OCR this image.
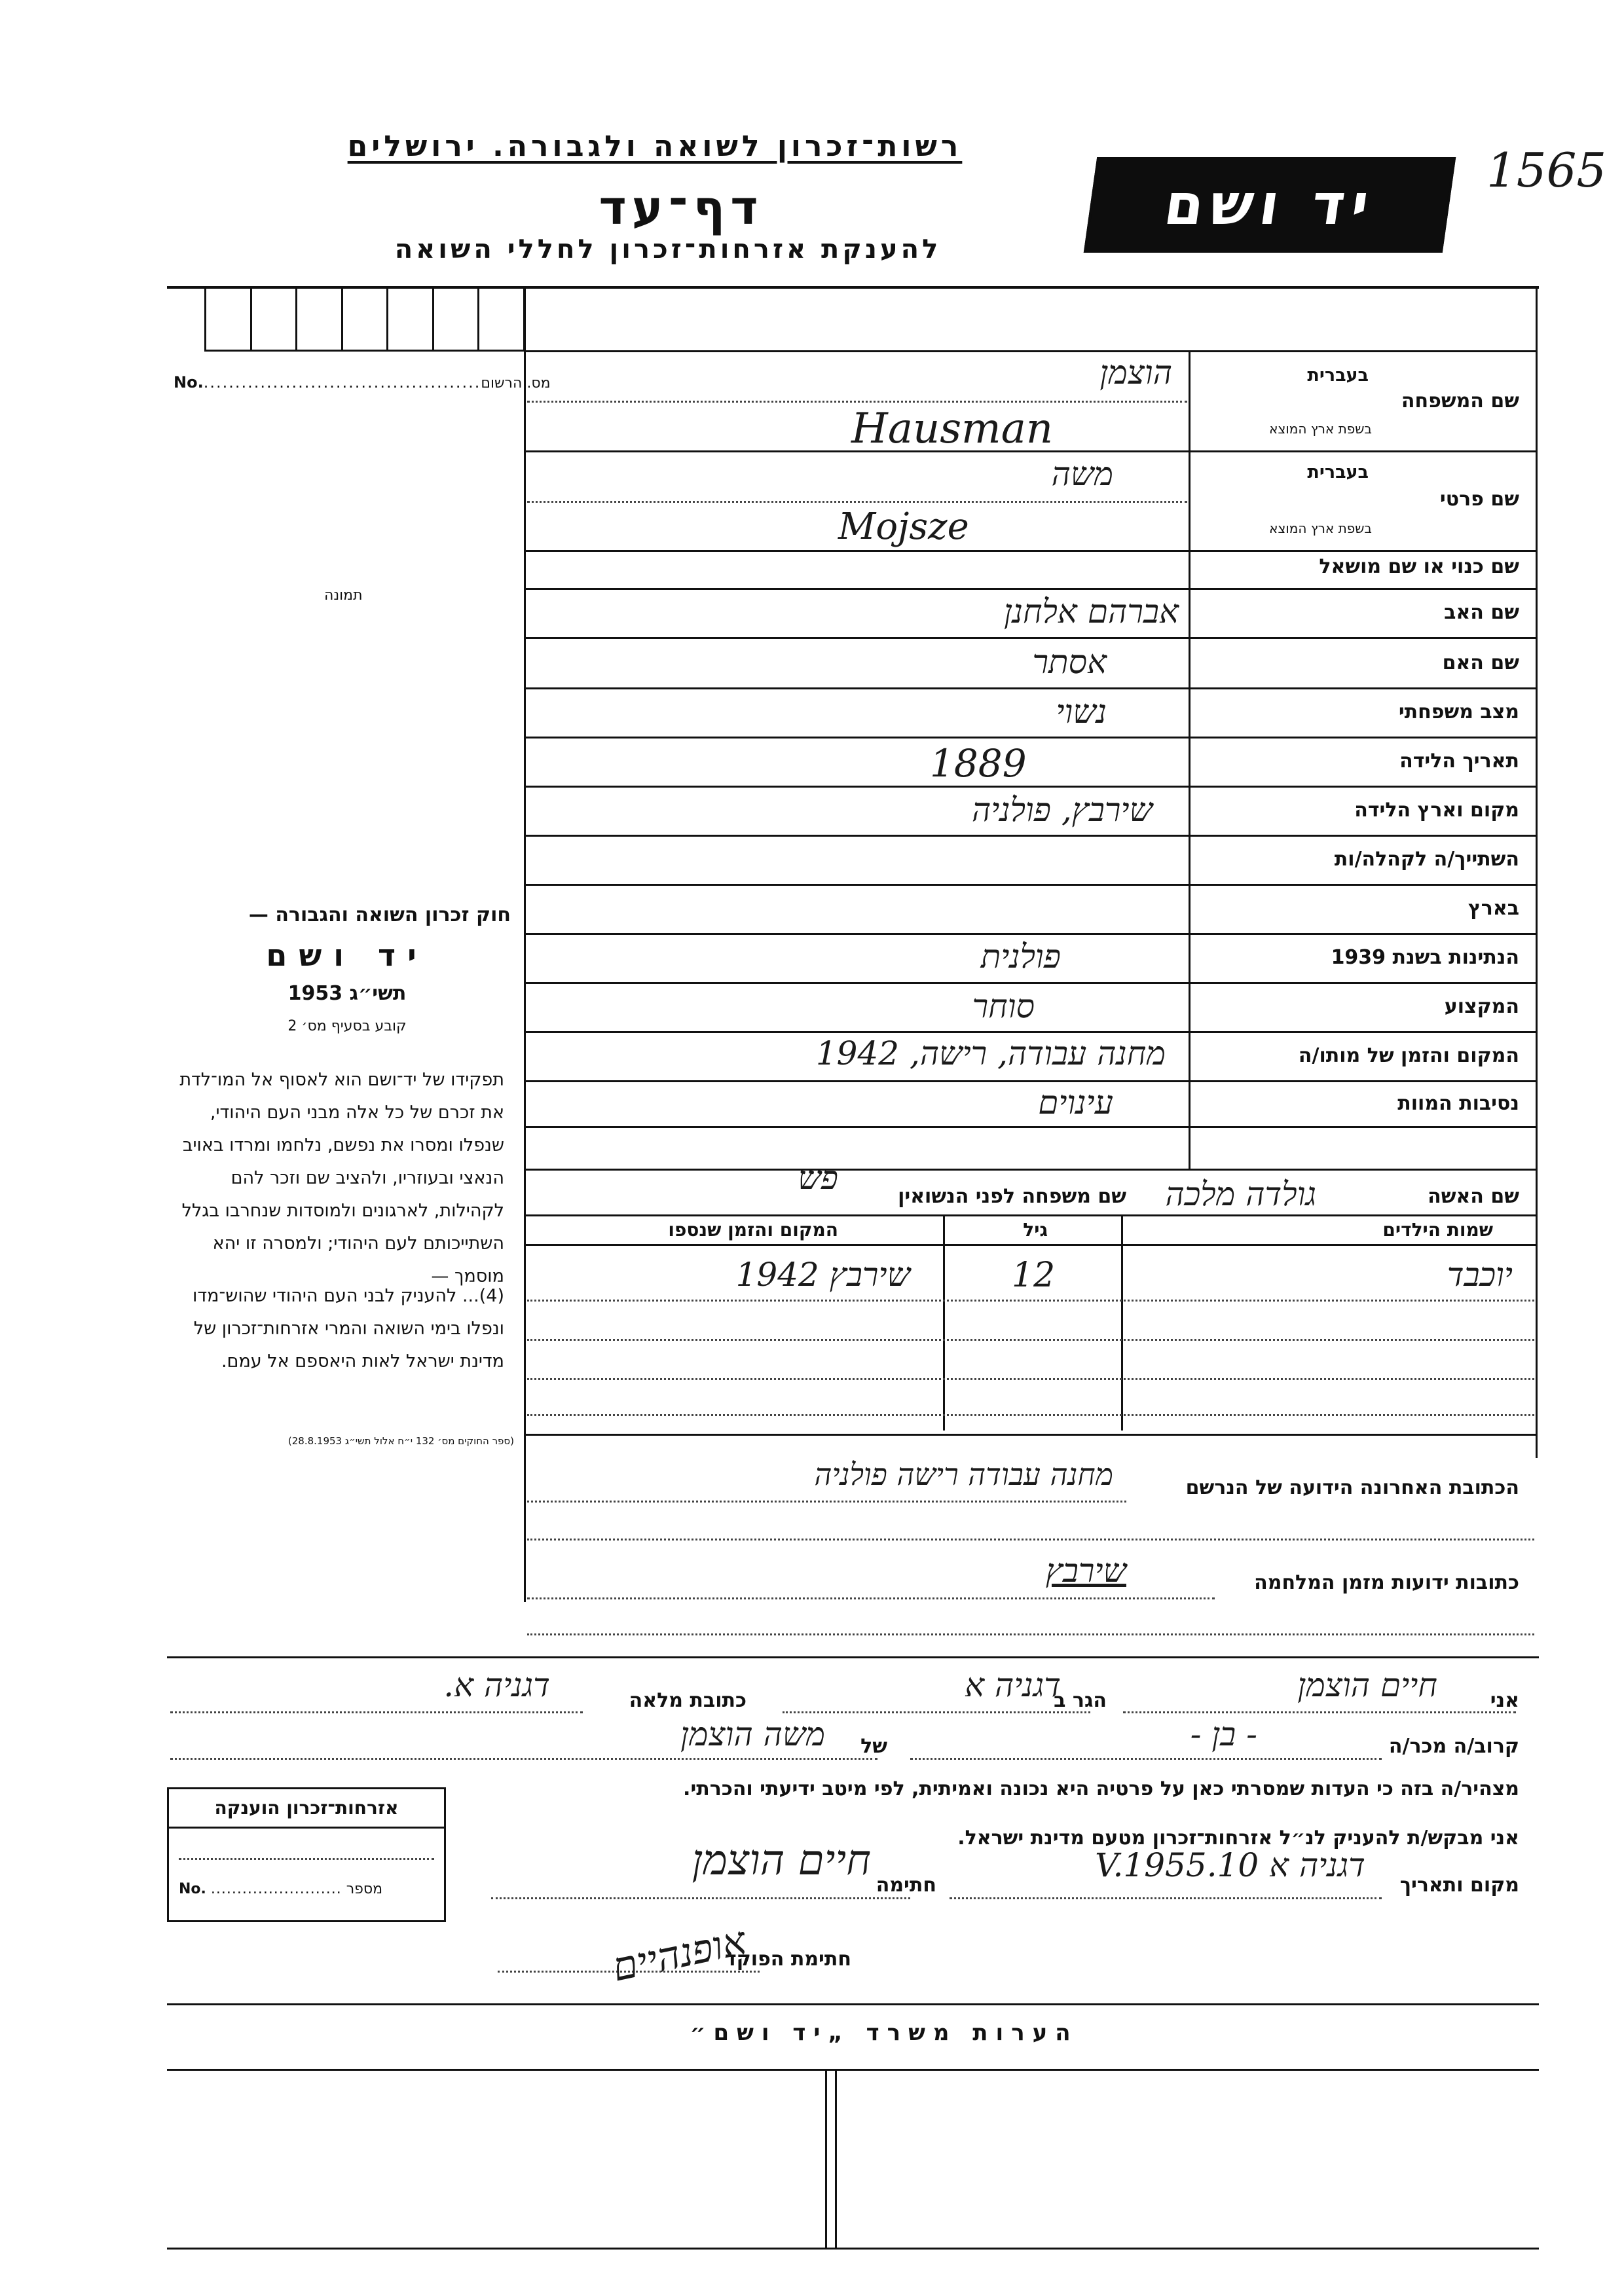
רשות־זכרון לשואה ולגבורה. ירושלים
דף־עד
להענקת אזרחות־זכרון לחללי השואה
יד ושם
1565
No.............................................מס. הרשום
תמונה
שם המשפחה
בעברית
בשפת ארץ המוצא
הוצמן
Hausman
שם פרטי
בעברית
בשפת ארץ המוצא
משה
Mojsze
שם כנוי או שם מושאל
שם האב
אברהם אלחנן
שם האם
אסתר
מצב משפחתי
נשוי
תאריך הלידה
1889
מקום וארץ הלידה
שירבץ, פולניה
השתייך/ה לקהלה/ות
בארץ
הנתינות בשנת 1939
פולנית
המקצוע
סוחר
המקום והזמן של מותו/ה
מחנה עבודה, רישה, 1942
נסיבות המוות
עינוים
שם האשה
גולדה מלכה
שם משפחה לפני הנשואין
פש
שמות הילדים
גיל
המקום והזמן שנספו
יוכבד
12
שירבץ 1942
הכתובת האחרונה הידועה של הנרשם
מחנה עבודה רישה פולניה
כתובות ידועות מזמן המלחמה
שירבץ
אני
חיים הוצמן
הגר ב
דגניה א
כתובת מלאה
דגניה א.
קרוב/ה מכר/ה
- בן -
של
משה הוצמן
מצהיר/ה בזה כי העדות שמסרתי כאן על פרטיה היא נכונה ואמיתית, לפי מיטב ידיעתי והכרתי.
אני מבקש/ת להעניק לנ״ל אזרחות־זכרון מטעם מדינת ישראל.
מקום ותאריך
דגניה א 10.V.1955
חתימה
חיים הוצמן
חתימת הפוקד
אופנהיים
אזרחות־זכרון הוענקה
No. ......................... מספר
הערות משרד „יד ושם״
חוק זכרון השואה והגבורה —
יד ושם
תשי״ג 1953
קובע בסעיף מס׳ 2
תפקידו של יד־ושם הוא לאסוף אל המו־לדת את זכרם של כל אלה מבני העם היהודי, שנפלו ומסרו את נפשם, נלחמו ומרדו באויב הנאצי ובעוזריו, ולהציב שם וזכר להם לקהילות, לארגונים ולמוסדות שנחרבו בגלל השתייכותם לעם היהודי; ולמסרה זו יהא מוסמך —
(4)... להעניק לבני העם היהודי שהוש־מדו ונפלו בימי השואה והמרי אזרחות־זכרון של מדינת ישראל לאות היאספם אל עמם.
(ספר החוקים מס׳ 132 י״ח אלול תשי״ג 28.8.1953)
